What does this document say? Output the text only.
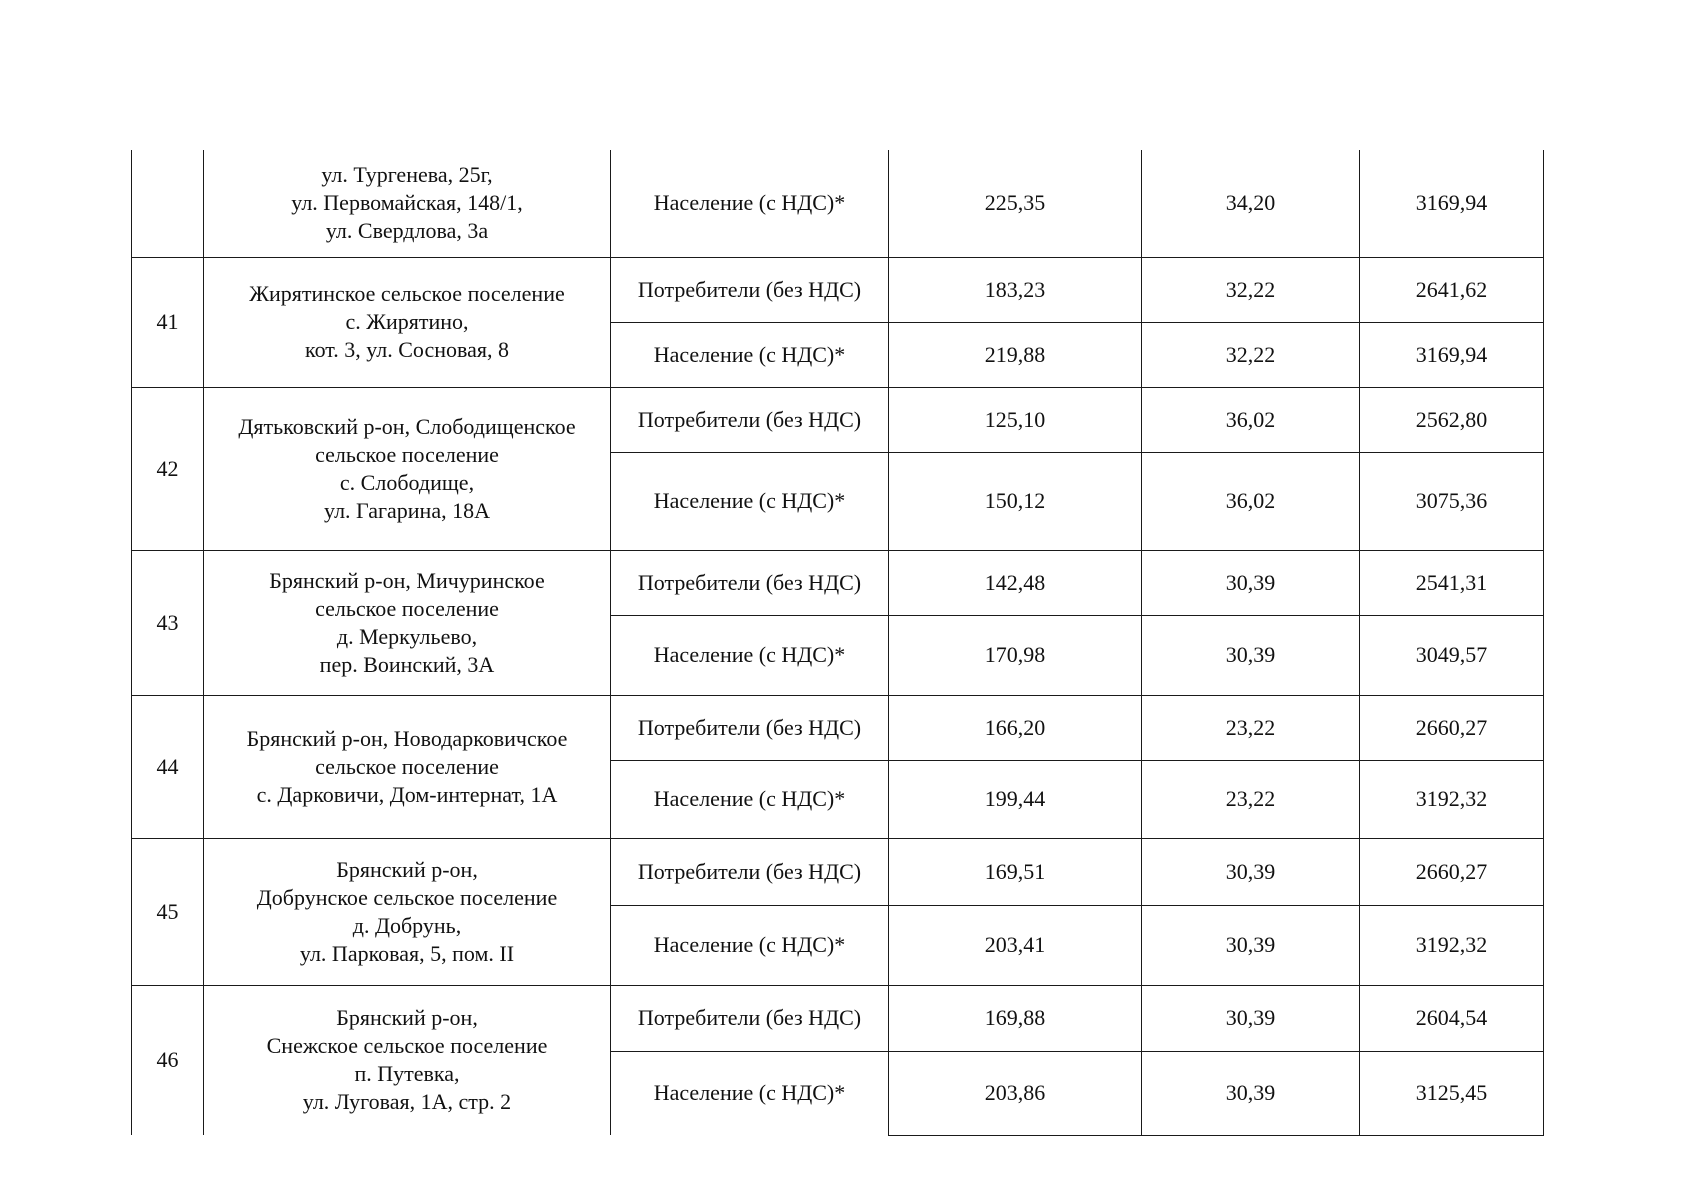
	ул. Тургенева, 25г,
ул. Первомайская, 148/1,
ул. Свердлова, 3а	Население (с НДС)*	225,35	34,20	3169,94
41	Жирятинское сельское поселение
с. Жирятино,
кот. 3, ул. Сосновая, 8	Потребители (без НДС)	183,23	32,22	2641,62
		Население (с НДС)*	219,88	32,22	3169,94
42	Дятьковский р-он, Слободищенское
сельское поселение
с. Слободище,
ул. Гагарина, 18А	Потребители (без НДС)	125,10	36,02	2562,80
		Население (с НДС)*	150,12	36,02	3075,36
43	Брянский р-он, Мичуринское
сельское поселение
д. Меркульево,
пер. Воинский, 3А	Потребители (без НДС)	142,48	30,39	2541,31
		Население (с НДС)*	170,98	30,39	3049,57
44	Брянский р-он, Новодарковичское
сельское поселение
с. Дарковичи, Дом-интернат, 1А	Потребители (без НДС)	166,20	23,22	2660,27
		Население (с НДС)*	199,44	23,22	3192,32
45	Брянский р-он,
Добрунское сельское поселение
д. Добрунь,
ул. Парковая, 5, пом. II	Потребители (без НДС)	169,51	30,39	2660,27
		Население (с НДС)*	203,41	30,39	3192,32
46	Брянский р-он,
Снежское сельское поселение
п. Путевка,
ул. Луговая, 1А, стр. 2	Потребители (без НДС)	169,88	30,39	2604,54
		Население (с НДС)*	203,86	30,39	3125,45
